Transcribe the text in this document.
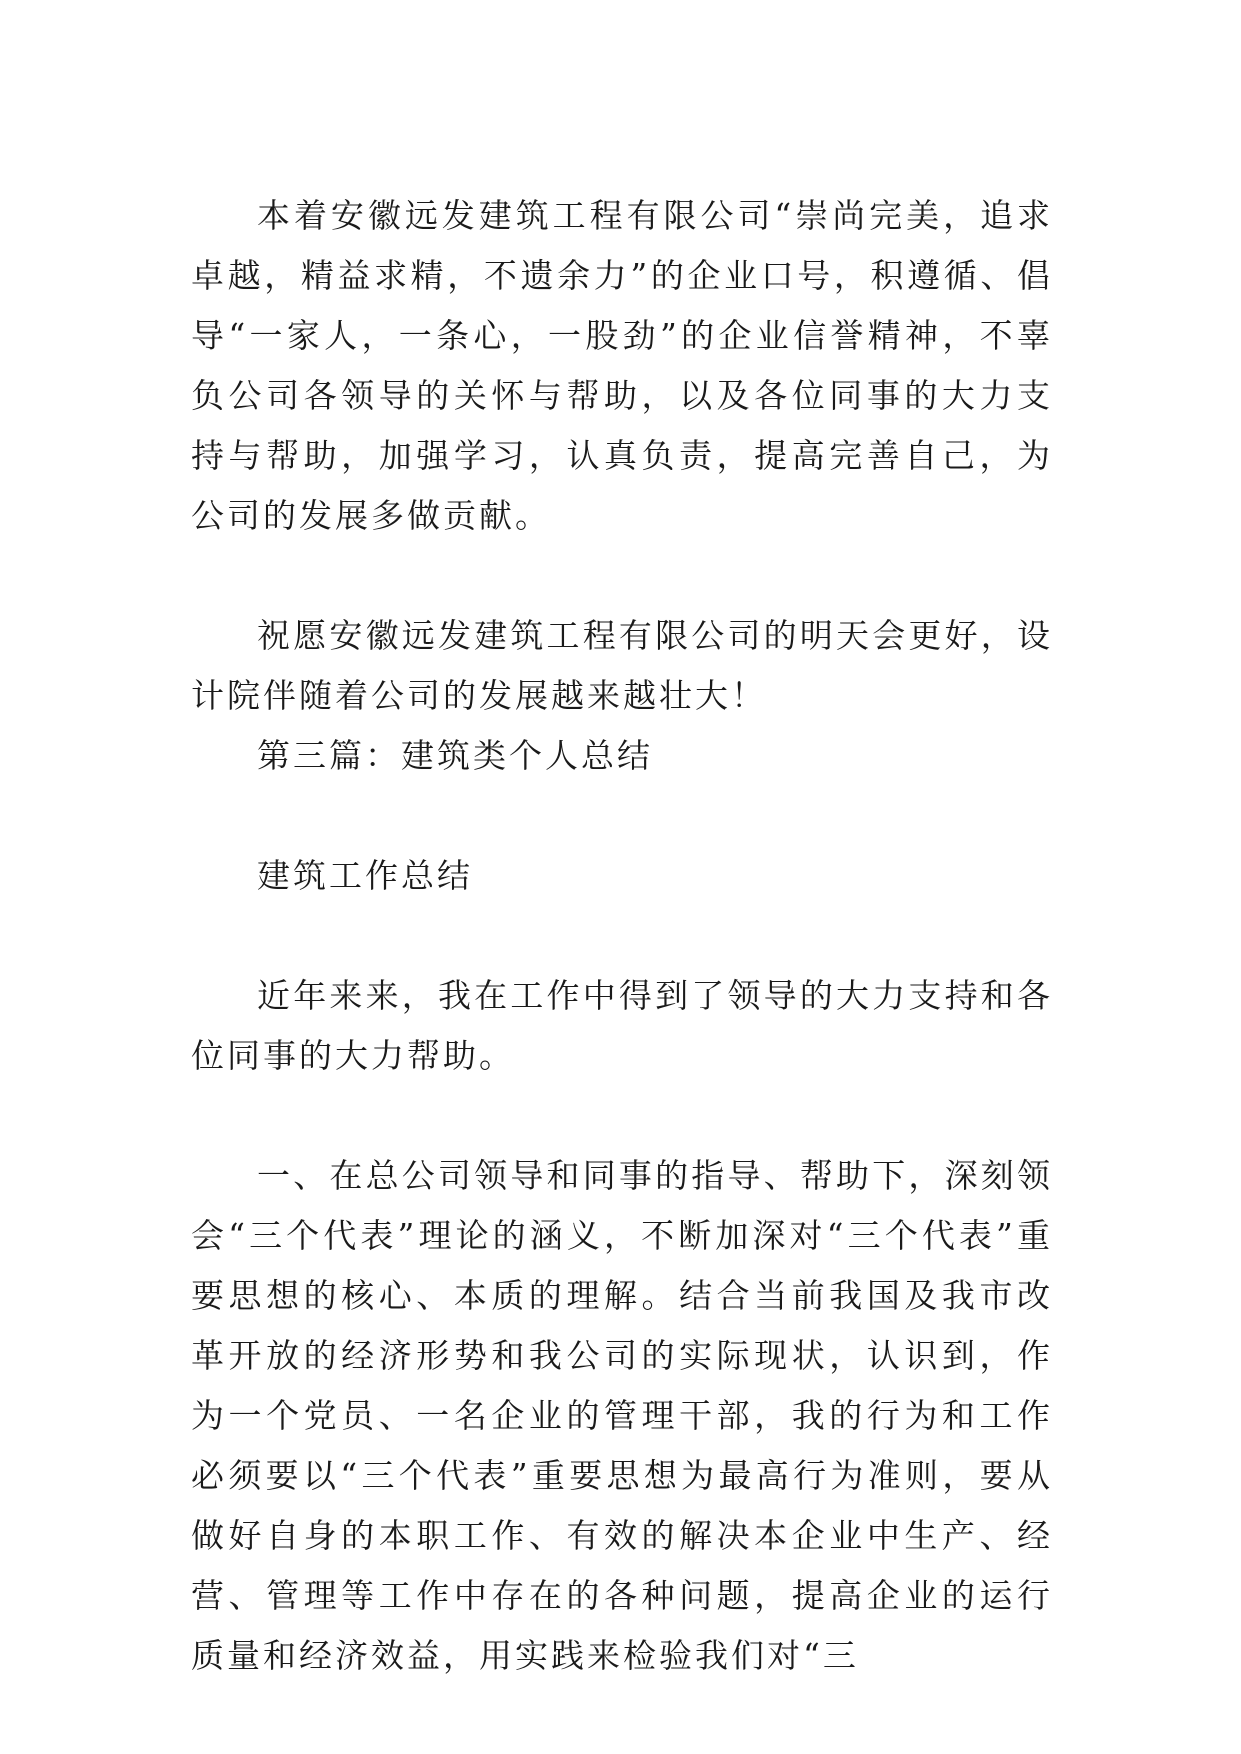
本着安徽远发建筑工程有限公司“崇尚完美，追求卓越，精益求精，不遗余力”的企业口号，积遵循、倡导“一家人，一条心，一股劲”的企业信誉精神，不辜负公司各领导的关怀与帮助，以及各位同事的大力支持与帮助，加强学习，认真负责，提高完善自己，为公司的发展多做贡献。

祝愿安徽远发建筑工程有限公司的明天会更好，设计院伴随着公司的发展越来越壮大！

第三篇：建筑类个人总结

建筑工作总结

近年来来，我在工作中得到了领导的大力支持和各位同事的大力帮助。

一、在总公司领导和同事的指导、帮助下，深刻领会“三个代表”理论的涵义，不断加深对“三个代表”重要思想的核心、本质的理解。结合当前我国及我市改革开放的经济形势和我公司的实际现状，认识到，作为一个党员、一名企业的管理干部，我的行为和工作必须要以“三个代表”重要思想为最高行为准则，要从做好自身的本职工作、有效的解决本企业中生产、经营、管理等工作中存在的各种问题，提高企业的运行质量和经济效益，用实践来检验我们对“三
